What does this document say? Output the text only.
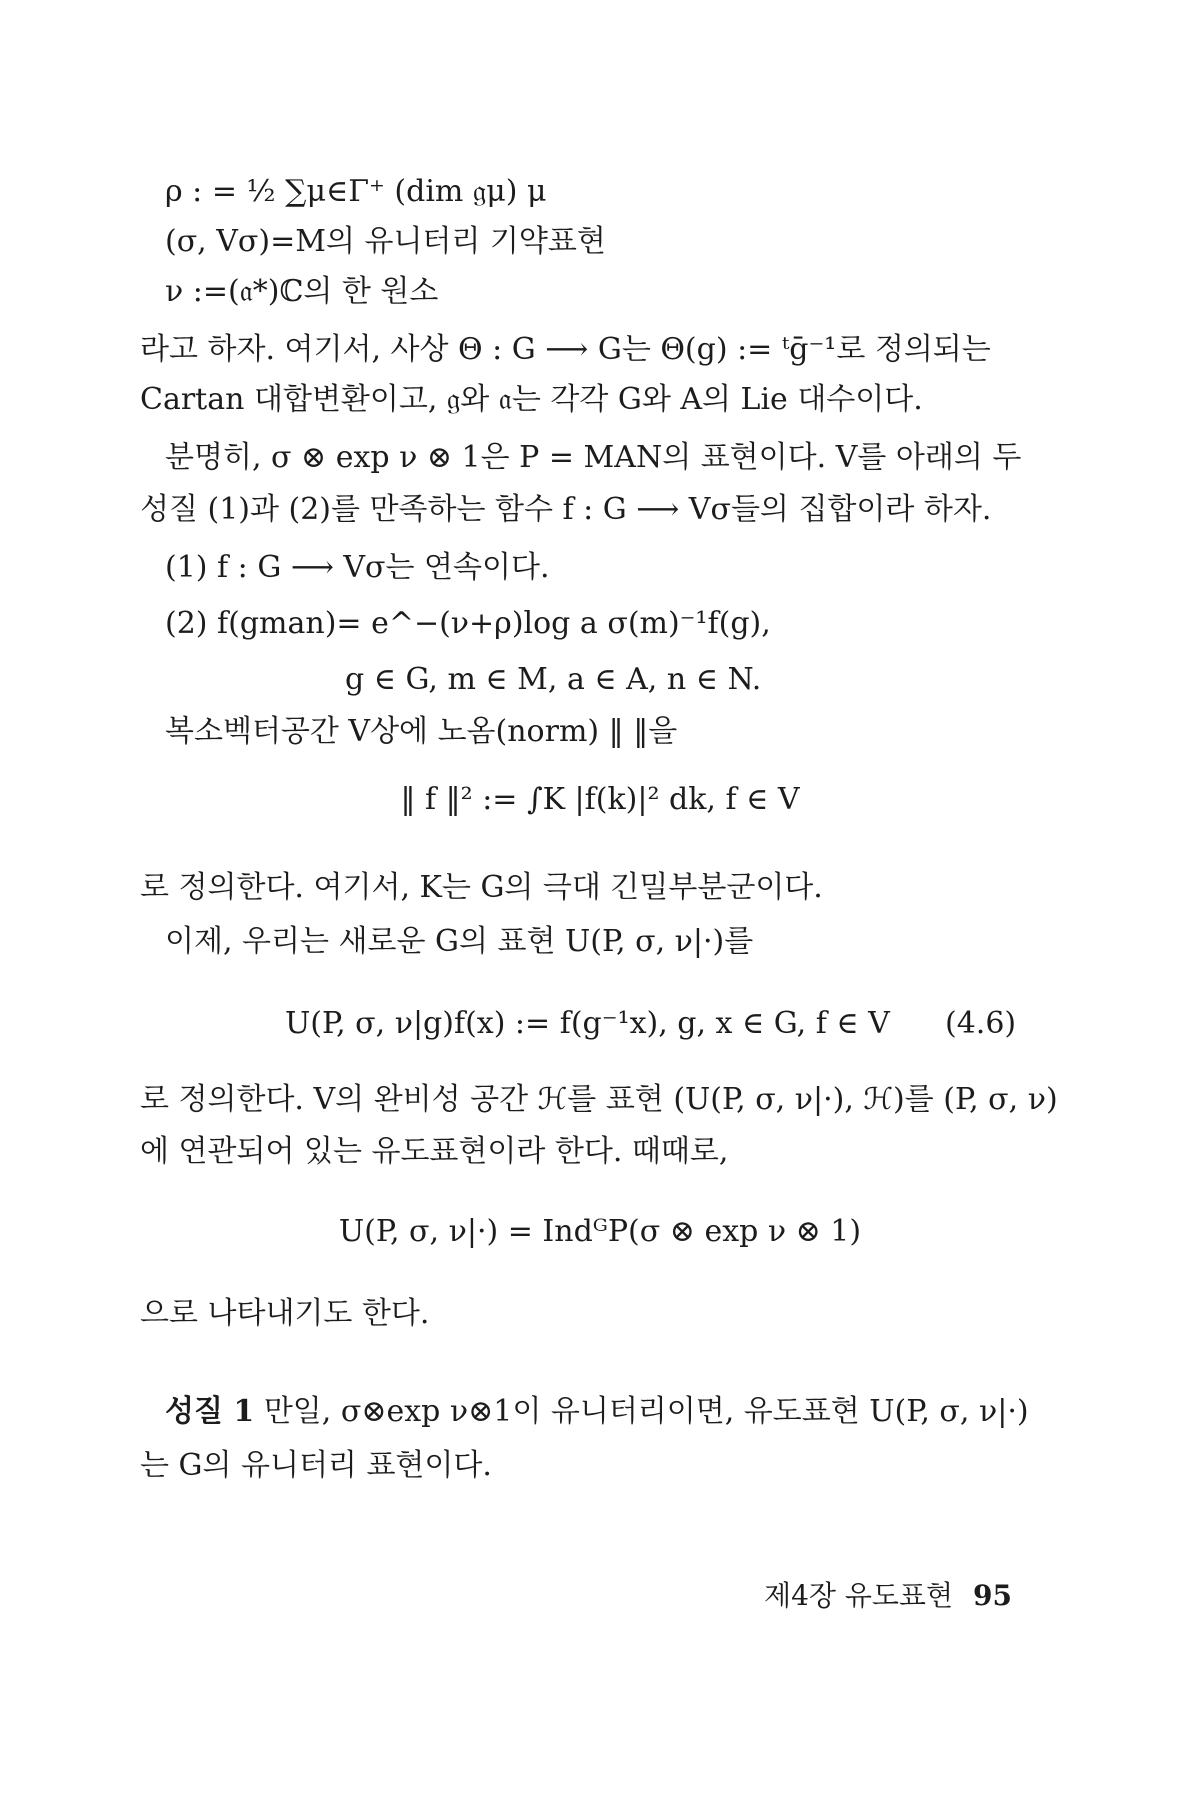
ρ : = ½ ∑μ∈Γ⁺ (dim 𝔤μ) μ
(σ, Vσ)=M의 유니터리 기약표현
ν :=(𝔞*)ℂ의 한 원소
라고 하자. 여기서, 사상 Θ : G ⟶ G는 Θ(g) := ᵗḡ⁻¹로 정의되는
Cartan 대합변환이고, 𝔤와 𝔞는 각각 G와 A의 Lie 대수이다.
분명히, σ ⊗ exp ν ⊗ 1은 P = MAN의 표현이다. V를 아래의 두
성질 (1)과 (2)를 만족하는 함수 f : G ⟶ Vσ들의 집합이라 하자.
(1) f : G ⟶ Vσ는 연속이다.
(2) f(gman)= e^−(ν+ρ)log a σ(m)⁻¹f(g),
g ∈ G, m ∈ M, a ∈ A, n ∈ N.
복소벡터공간 V상에 노옴(norm) ‖ ‖을
‖ f ‖² := ∫K |f(k)|² dk, f ∈ V
로 정의한다. 여기서, K는 G의 극대 긴밀부분군이다.
이제, 우리는 새로운 G의 표현 U(P, σ, ν|·)를
U(P, σ, ν|g)f(x) := f(g⁻¹x), g, x ∈ G, f ∈ V (4.6)
로 정의한다. V의 완비성 공간 ℋ를 표현 (U(P, σ, ν|·), ℋ)를 (P, σ, ν)
에 연관되어 있는 유도표현이라 한다. 때때로,
U(P, σ, ν|·) = IndᴳP(σ ⊗ exp ν ⊗ 1)
으로 나타내기도 한다.
성질 1 만일, σ⊗exp ν⊗1이 유니터리이면, 유도표현 U(P, σ, ν|·)
는 G의 유니터리 표현이다.
제4장 유도표현 95
